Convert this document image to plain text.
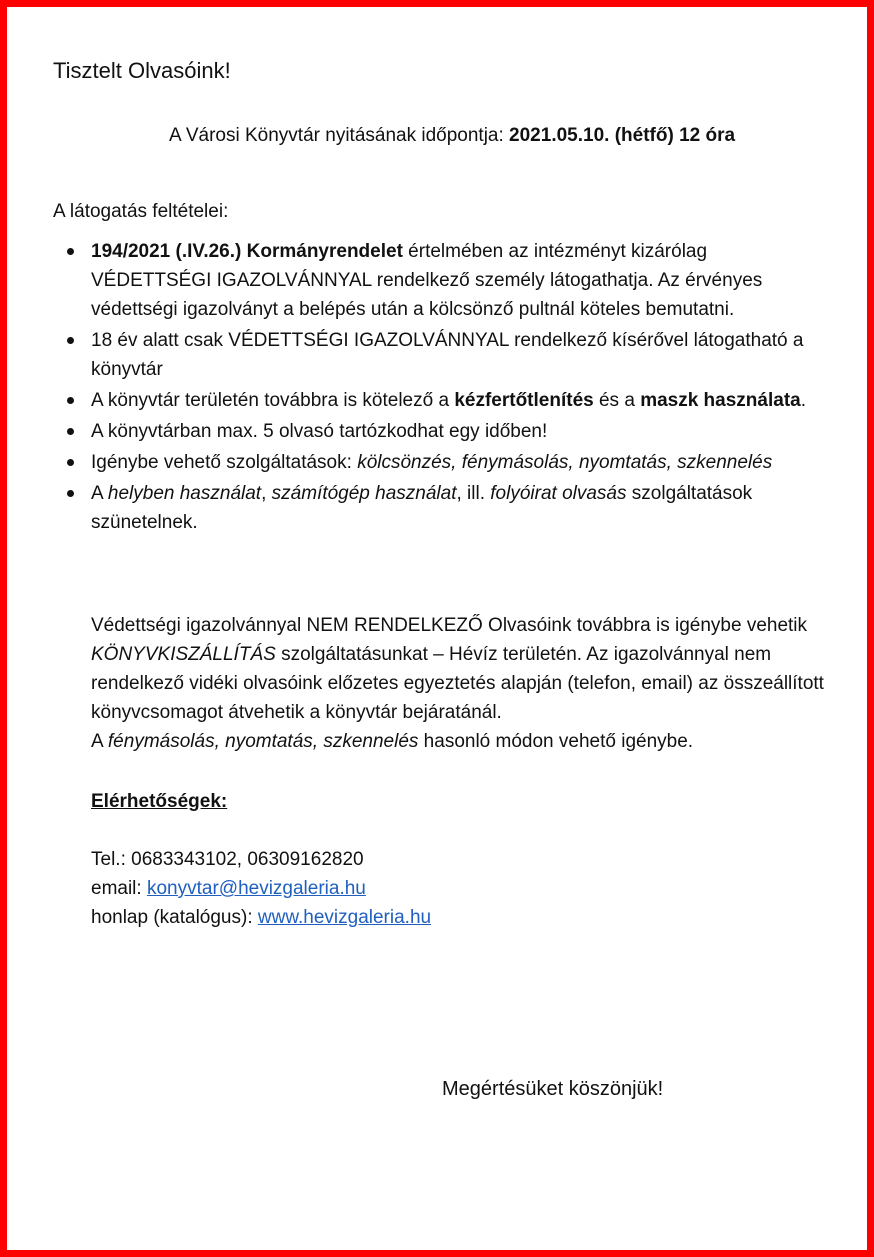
Tisztelt Olvasóink!
A Városi Könyvtár nyitásának időpontja: 2021.05.10. (hétfő) 12 óra
A látogatás feltételei:
194/2021 (.IV.26.) Kormányrendelet értelmében az intézményt kizárólag VÉDETTSÉGI IGAZOLVÁNNYAL rendelkező személy látogathatja. Az érvényes védettségi igazolványt a belépés után a kölcsönző pultnál köteles bemutatni.
18 év alatt csak VÉDETTSÉGI IGAZOLVÁNNYAL rendelkező kísérővel látogatható a könyvtár
A könyvtár területén továbbra is kötelező a kézfertőtlenítés és a maszk használata.
A könyvtárban max. 5 olvasó tartózkodhat egy időben!
Igénybe vehető szolgáltatások: kölcsönzés, fénymásolás, nyomtatás, szkennelés
A helyben használat, számítógép használat, ill. folyóirat olvasás szolgáltatások szünetelnek.
Védettségi igazolvánnyal NEM RENDELKEZŐ Olvasóink továbbra is igénybe vehetik KÖNYVKISZÁLLÍTÁS szolgáltatásunkat – Hévíz területén. Az igazolvánnyal nem rendelkező vidéki olvasóink előzetes egyeztetés alapján (telefon, email) az összeállított könyvcsomagot átvehetik a könyvtár bejáratánál.
A fénymásolás, nyomtatás, szkennelés hasonló módon vehető igénybe.
Elérhetőségek:
Tel.: 0683343102, 06309162820
email: konyvtar@hevizgaleria.hu
honlap (katalógus): www.hevizgaleria.hu
Megértésüket köszönjük!
